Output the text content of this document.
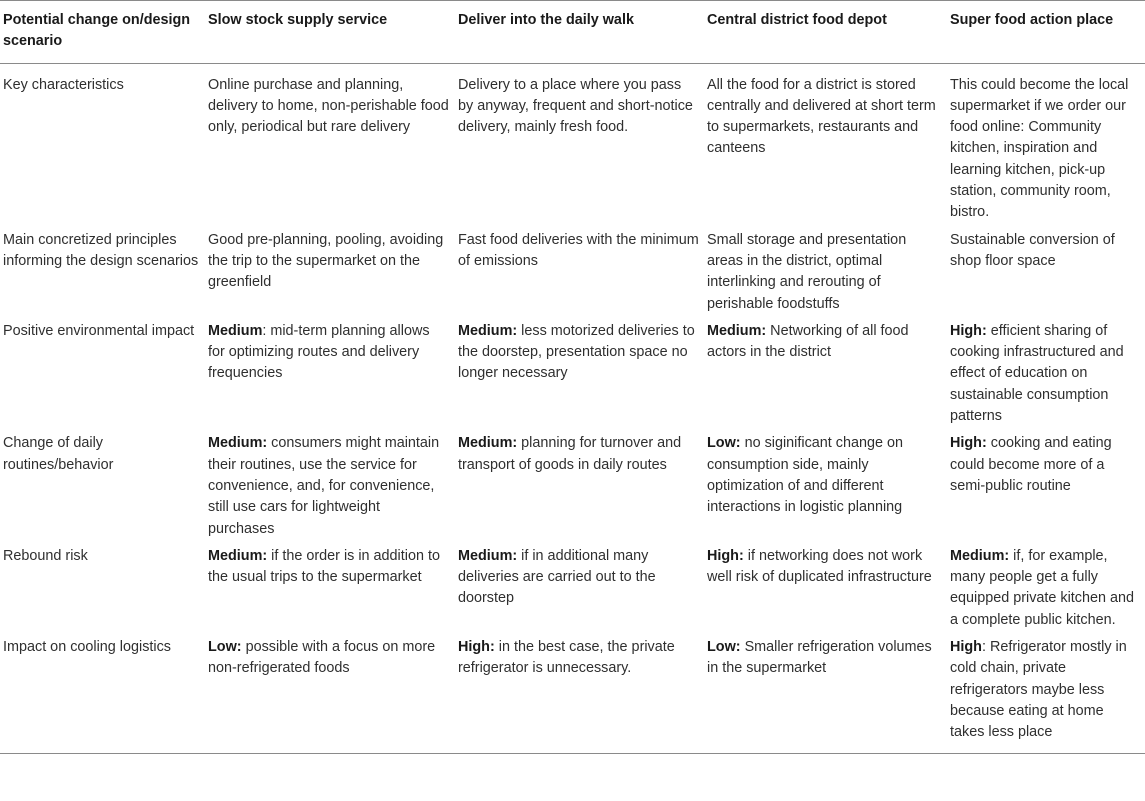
Potential change on/design scenario	Slow stock supply service	Deliver into the daily walk	Central district food depot	Super food action place
Key characteristics	Online purchase and planning, delivery to home, non-perishable food only, periodical but rare delivery	Delivery to a place where you pass by anyway, frequent and short-notice delivery, mainly fresh food.	All the food for a district is stored centrally and delivered at short term to supermarkets, restaurants and canteens	This could become the local supermarket if we order our food online: Community kitchen, inspiration and learning kitchen, pick-up station, community room, bistro.
Main concretized principles informing the design scenarios	Good pre-planning, pooling, avoiding the trip to the supermarket on the greenfield	Fast food deliveries with the minimum of emissions	Small storage and presentation areas in the district, optimal interlinking and rerouting of perishable foodstuffs	Sustainable conversion of shop floor space
Positive environmental impact	Medium: mid-term planning allows for optimizing routes and delivery frequencies	Medium: less motorized deliveries to the doorstep, presentation space no longer necessary	Medium: Networking of all food actors in the district	High: efficient sharing of cooking infrastructured and effect of education on sustainable consumption patterns
Change of daily routines/behavior	Medium: consumers might maintain their routines, use the service for convenience, and, for convenience, still use cars for lightweight purchases	Medium: planning for turnover and transport of goods in daily routes	Low: no siginificant change on consumption side, mainly optimization of and different interactions in logistic planning	High: cooking and eating could become more of a semi-public routine
Rebound risk	Medium: if the order is in addition to the usual trips to the supermarket	Medium: if in additional many deliveries are carried out to the doorstep	High: if networking does not work well risk of duplicated infrastructure	Medium: if, for example, many people get a fully equipped private kitchen and a complete public kitchen.
Impact on cooling logistics	Low: possible with a focus on more non-refrigerated foods	High: in the best case, the private refrigerator is unnecessary.	Low: Smaller refrigeration volumes in the supermarket	High: Refrigerator mostly in cold chain, private refrigerators maybe less because eating at home takes less place
